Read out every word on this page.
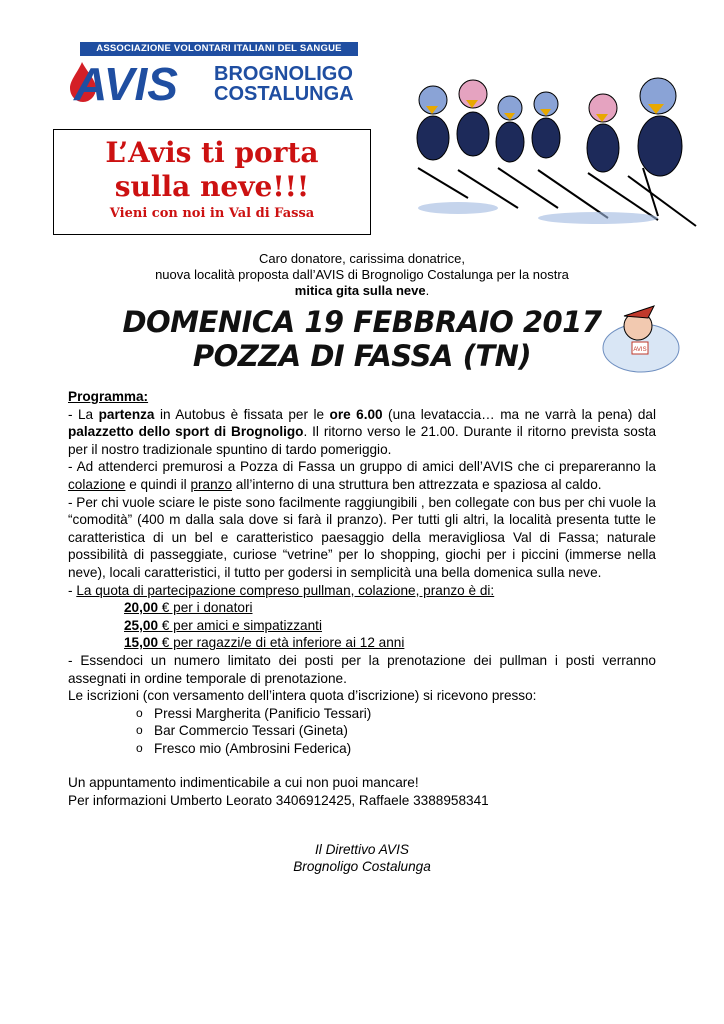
ASSOCIAZIONE VOLONTARI ITALIANI DEL SANGUE
AVIS BROGNOLIGO
COSTALUNGA
L’Avis ti porta
sulla neve!!!
Vieni con noi in Val di Fassa
Caro donatore, carissima donatrice,
nuova località proposta dall’AVIS di Brognoligo Costalunga per la nostra
mitica gita sulla neve.
DOMENICA 19 FEBBRAIO 2017
POZZA DI FASSA (TN)	AVIS

Programma:

- La partenza in Autobus è fissata per le ore 6.00 (una levataccia… ma ne varrà la pena) dal palazzetto dello sport di Brognoligo. Il ritorno verso le 21.00. Durante il ritorno prevista sosta per il nostro tradizionale spuntino di tardo pomeriggio.

- Ad attenderci premurosi a Pozza di Fassa un gruppo di amici dell’AVIS che ci prepareranno la colazione e quindi il pranzo all’interno di una struttura ben attrezzata e spaziosa al caldo.

- Per chi vuole sciare le piste sono facilmente raggiungibili , ben collegate con bus per chi vuole la “comodità” (400 m dalla sala dove si farà il pranzo). Per tutti gli altri, la località presenta tutte le caratteristica di un bel e caratteristico paesaggio della meravigliosa Val di Fassa; naturale possibilità di passeggiate, curiose “vetrine” per lo shopping, giochi per i piccini (immerse nella neve), locali caratteristici, il tutto per godersi in semplicità una bella domenica sulla neve.

- La quota di partecipazione compreso pullman, colazione, pranzo è di:

20,00 € per i donatori

25,00 € per amici e simpatizzanti

15,00 € per ragazzi/e di età inferiore ai 12 anni

- Essendoci un numero limitato dei posti per la prenotazione dei pullman i posti verranno assegnati in ordine temporale di prenotazione.

Le iscrizioni (con versamento dell’intera quota d’iscrizione) si ricevono presso:

o Pressi Margherita (Panificio Tessari)
o Bar Commercio Tessari (Gineta)
o Fresco mio (Ambrosini Federica)

Un appuntamento indimenticabile a cui non puoi mancare!

Per informazioni Umberto Leorato 3406912425, Raffaele 3388958341

Il Direttivo AVIS
Brognoligo Costalunga
